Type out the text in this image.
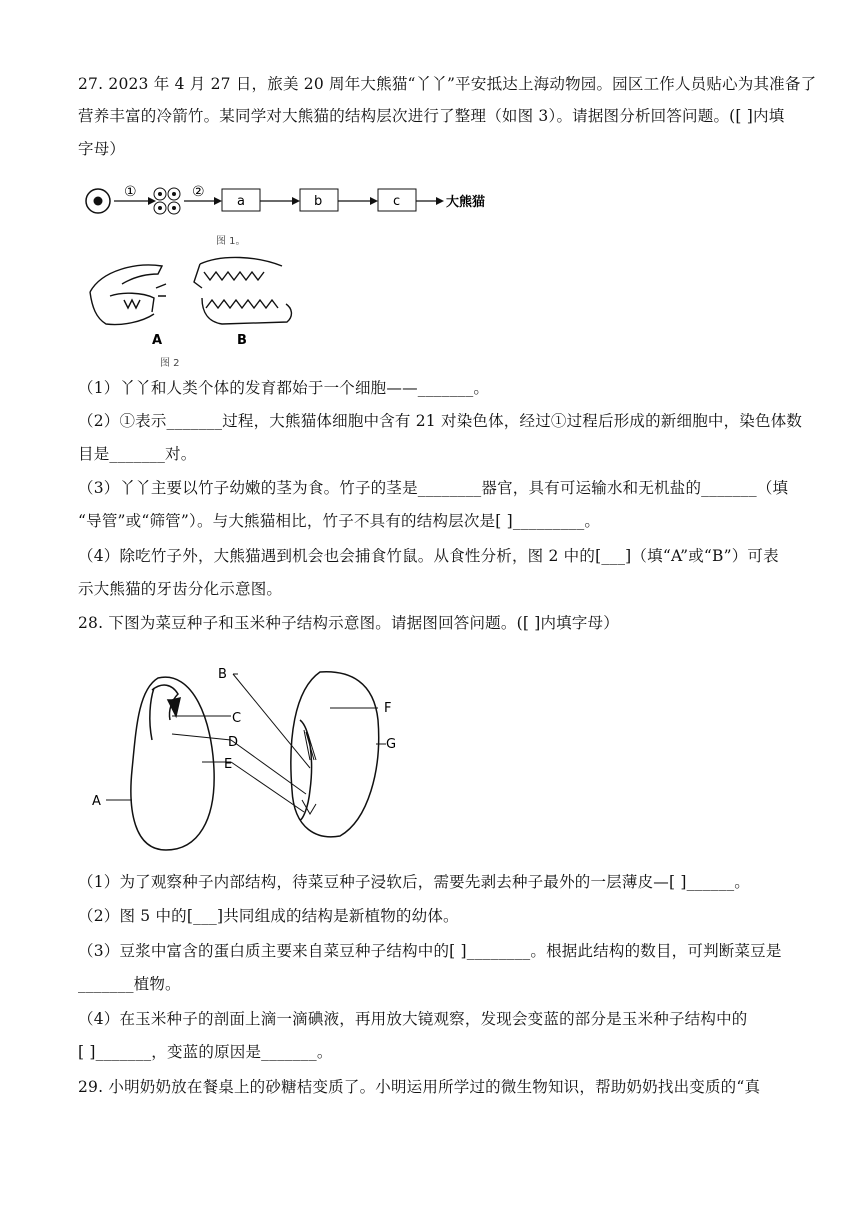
27. 2023 年 4 月 27 日，旅美 20 周年大熊猫“丫丫”平安抵达上海动物园。园区工作人员贴心为其准备了
营养丰富的冷箭竹。某同学对大熊猫的结构层次进行了整理（如图 3）。请据图分析回答问题。([ ]内填
字母）
①	②
a	b	c	大熊猫
图 1。
A	B
图 2
（1）丫丫和人类个体的发育都始于一个细胞——_______。
（2）①表示_______过程，大熊猫体细胞中含有 21 对染色体，经过①过程后形成的新细胞中，染色体数
目是_______对。
（3）丫丫主要以竹子幼嫩的茎为食。竹子的茎是________器官，具有可运输水和无机盐的_______（填
“导管”或“筛管”）。与大熊猫相比，竹子不具有的结构层次是[ ]_________。
（4）除吃竹子外，大熊猫遇到机会也会捕食竹鼠。从食性分析，图 2 中的[___]（填“A”或“B”）可表
示大熊猫的牙齿分化示意图。
28. 下图为菜豆种子和玉米种子结构示意图。请据图回答问题。([ ]内填字母）
A
B
C
D
E
F
G
（1）为了观察种子内部结构，待菜豆种子浸软后，需要先剥去种子最外的一层薄皮—[ ]______。
（2）图 5 中的[___]共同组成的结构是新植物的幼体。
（3）豆浆中富含的蛋白质主要来自菜豆种子结构中的[ ]________。根据此结构的数目，可判断菜豆是
_______植物。
（4）在玉米种子的剖面上滴一滴碘液，再用放大镜观察，发现会变蓝的部分是玉米种子结构中的
[ ]_______，变蓝的原因是_______。
29. 小明奶奶放在餐桌上的砂糖桔变质了。小明运用所学过的微生物知识，帮助奶奶找出变质的“真
